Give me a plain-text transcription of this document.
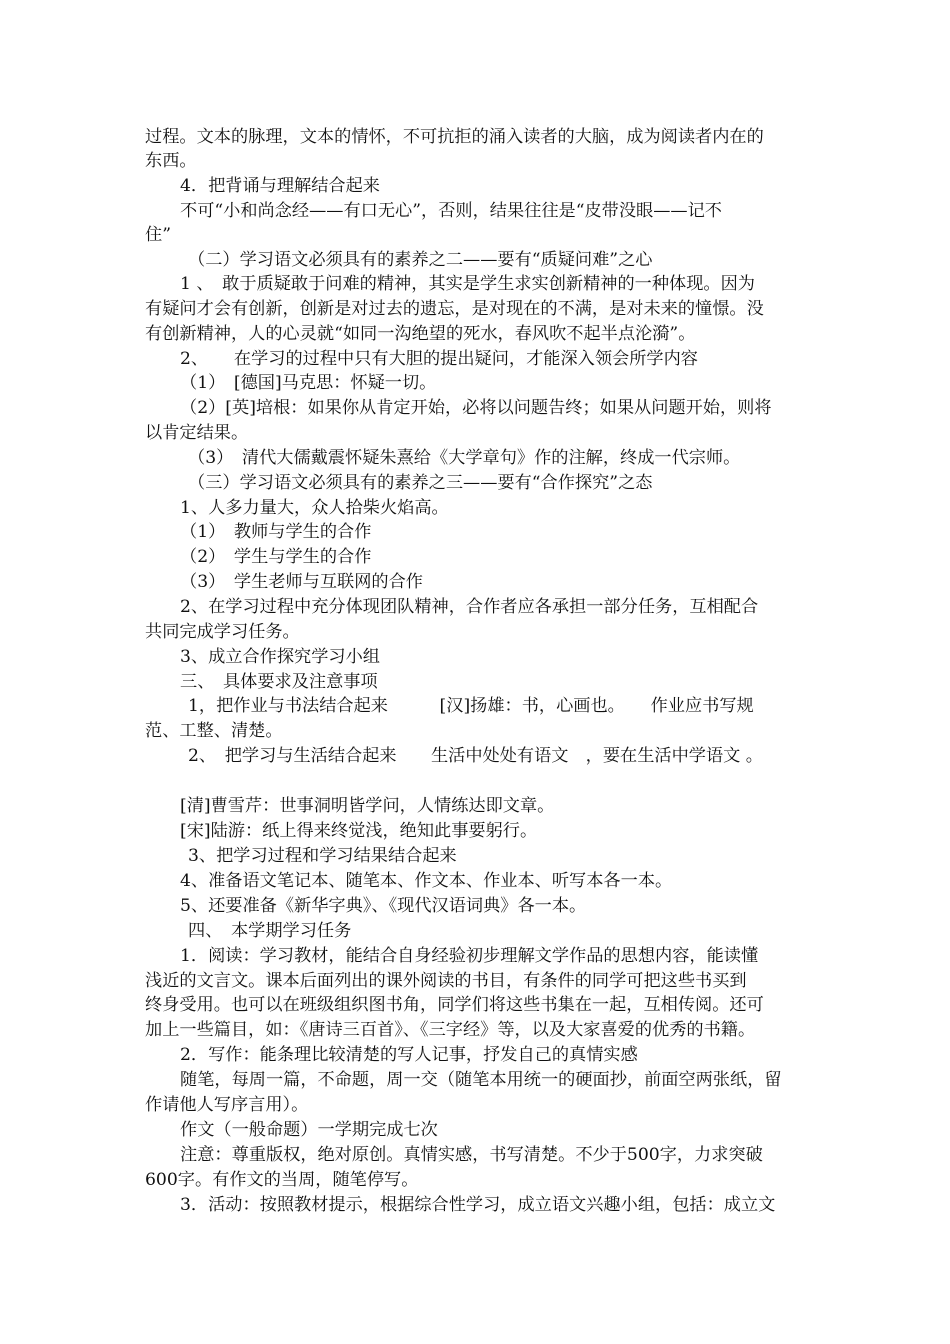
过程。文本的脉理，文本的情怀，不可抗拒的涌入读者的大脑，成为阅读者内在的
东西。
4．把背诵与理解结合起来
不可“小和尚念经——有口无心”，否则，结果往往是“皮带没眼——记不
住”
（二）学习语文必须具有的素养之二——要有“质疑问难”之心
1 、　敢于质疑敢于问难的精神，其实是学生求实创新精神的一种体现。因为
有疑问才会有创新，创新是对过去的遗忘，是对现在的不满，是对未来的憧憬。没
有创新精神，人的心灵就“如同一沟绝望的死水，春风吹不起半点沦漪”。
2、　　在学习的过程中只有大胆的提出疑问，才能深入领会所学内容
（1）　[德国]马克思：怀疑一切。
（2）[英]培根：如果你从肯定开始，必将以问题告终；如果从问题开始，则将
以肯定结果。
（3）　清代大儒戴震怀疑朱熹给《大学章句》作的注解，终成一代宗师。
（三）学习语文必须具有的素养之三——要有“合作探究”之态
1、人多力量大，众人拾柴火焰高。
（1）　教师与学生的合作
（2）　学生与学生的合作
（3）　学生老师与互联网的合作
2、在学习过程中充分体现团队精神，合作者应各承担一部分任务，互相配合
共同完成学习任务。
3、成立合作探究学习小组
三、　具体要求及注意事项
1，把作业与书法结合起来　　　[汉]扬雄：书，心画也。　　作业应书写规
范、工整、清楚。
2、　把学习与生活结合起来　　生活中处处有语文　，要在生活中学语文 。
[清]曹雪芹：世事洞明皆学问，人情练达即文章。
[宋]陆游：纸上得来终觉浅，绝知此事要躬行。
3、把学习过程和学习结果结合起来
4、准备语文笔记本、随笔本、作文本、作业本、听写本各一本。
5、还要准备《新华字典》、《现代汉语词典》各一本。
四、　本学期学习任务
1．阅读：学习教材，能结合自身经验初步理解文学作品的思想内容，能读懂
浅近的文言文。课本后面列出的课外阅读的书目，有条件的同学可把这些书买到
终身受用。也可以在班级组织图书角，同学们将这些书集在一起，互相传阅。还可
加上一些篇目，如：《唐诗三百首》、《三字经》等，以及大家喜爱的优秀的书籍。
2．写作：能条理比较清楚的写人记事，抒发自己的真情实感
随笔，每周一篇，不命题，周一交（随笔本用统一的硬面抄，前面空两张纸，留
作请他人写序言用）。
作文（一般命题）一学期完成七次
注意：尊重版权，绝对原创。真情实感，书写清楚。不少于500字，力求突破
600字。有作文的当周，随笔停写。
3．活动：按照教材提示，根据综合性学习，成立语文兴趣小组，包括：成立文
